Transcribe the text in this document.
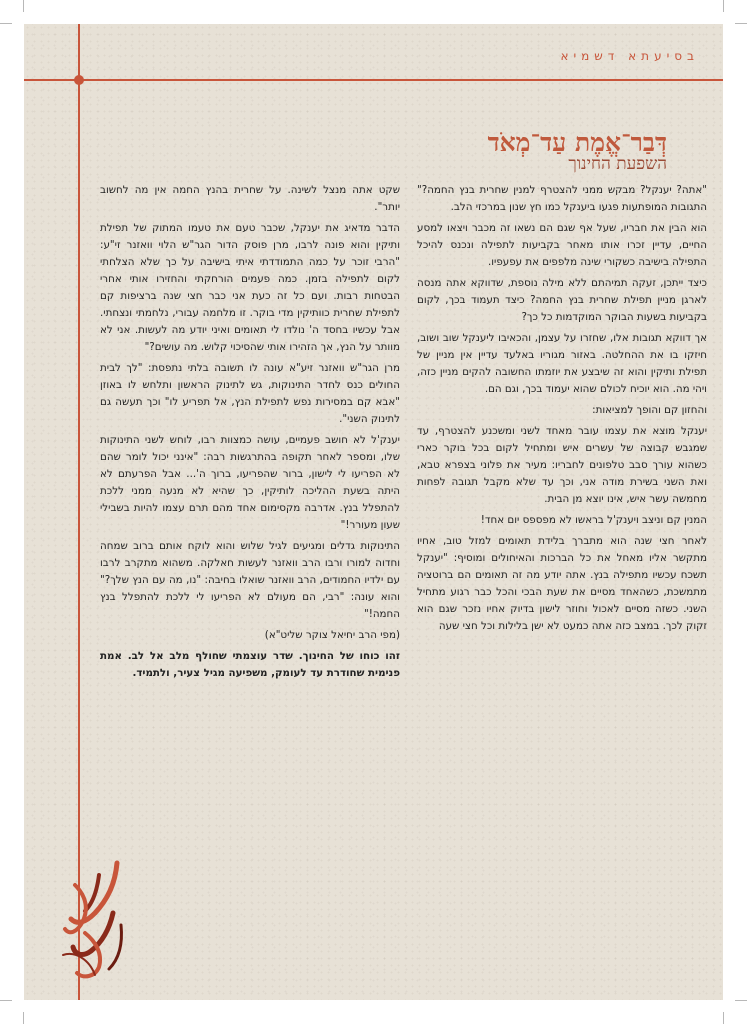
בסיעתא דשמיא
דְּבַר־אֱמֶת עַד־מְאֹד
השפעת החינוך

"אתה? יענקל? מבקש ממני להצטרף למנין שחרית בנץ החמה?" התגובות המופתעות פגעו ביענקל כמו חץ שנון במרכזי הלב.

הוא הבין את חבריו, שעל אף שגם הם נשאו זה מכבר ויצאו למסע החיים, עדיין זכרו אותו מאחר בקביעות לתפילה ונכנס להיכל התפילה בישיבה כשקורי שינה מלפפים את עפעפיו.

כיצד ייתכן, זעקה תמיהתם ללא מילה נוספת, שדווקא אתה מנסה לארגן מניין תפילת שחרית בנץ החמה? כיצד תעמוד בכך, לקום בקביעות בשעות הבוקר המוקדמות כל כך?

אך דווקא תגובות אלו, שחזרו על עצמן, והכאיבו ליענקל שוב ושוב, חיזקו בו את ההחלטה. באזור מגוריו באלעד עדיין אין מניין של תפילת ותיקין והוא זה שיבצע את יוזמתו החשובה להקים מניין כזה, ויהי מה. הוא יוכיח לכולם שהוא יעמוד בכך, וגם הם.

והחזון קם והופך למציאות:

יענקל מוצא את עצמו עובר מאחד לשני ומשכנע להצטרף, עד שמגבש קבוצה של עשרים איש ומתחיל לקום בכל בוקר כארי כשהוא עורך סבב טלפונים לחבריו: מעיר את פלוני בצפרא טבא, ואת השני בשירת מודה אני, וכך עד שלא מקבל תגובה לפחות מחמשה עשר איש, אינו יוצא מן הבית.

המנין קם וניצב ויענק'ל בראשו לא מפספס יום אחד!

לאחר חצי שנה הוא מתברך בלידת תאומים למזל טוב, אחיו מתקשר אליו מאחל את כל הברכות והאיחולים ומוסיף: "יענקל תשכח עכשיו מתפילה בנץ. אתה יודע מה זה תאומים הם ברוטציה מתמשכת, כשהאחד מסיים את שעת הבכי והכל כבר רגוע מתחיל השני. כשזה מסיים לאכול וחוזר לישון בדיוק אחיו נזכר שגם הוא זקוק לכך. במצב כזה אתה כמעט לא ישן בלילות וכל חצי שעה

שקט אתה מנצל לשינה. על שחרית בהנץ החמה אין מה לחשוב יותר".

הדבר מדאיג את יענקל, שכבר טעם את טעמו המתוק של תפילת ותיקין והוא פונה לרבו, מרן פוסק הדור הגר"ש הלוי וואזנר זי"ע: "הרבי זוכר על כמה התמודדתי איתי בישיבה על כך שלא הצלחתי לקום לתפילה בזמן. כמה פעמים הורחקתי והחזירו אותי אחרי הבטחות רבות. ועם כל זה כעת אני כבר חצי שנה ברציפות קם לתפילת שחרית כוותיקין מדי בוקר. זו מלחמה עבורי, נלחמתי ונצחתי. אבל עכשיו בחסד ה' נולדו לי תאומים ואיני יודע מה לעשות. אני לא מוותר על הנץ, אך הזהירו אותי שהסיכוי קלוש. מה עושים?"

מרן הגר"ש וואזנר זיע"א עונה לו תשובה בלתי נתפסת: "לך לבית החולים כנס לחדר התינוקות, גש לתינוק הראשון ותלחש לו באוזן "אבא קם במסירות נפש לתפילת הנץ, אל תפריע לו" וכך תעשה גם לתינוק השני".

יענק'ל לא חושב פעמיים, עושה כמצוות רבו, לוחש לשני התינוקות שלו, ומספר לאחר תקופה בהתרגשות רבה: "אינני יכול לומר שהם לא הפריעו לי לישון, ברור שהפריעו, ברוך ה'... אבל הפרעתם לא היתה בשעת ההליכה לותיקין, כך שהיא לא מנעה ממני ללכת להתפלל בנץ. אדרבה מקסימום אחד מהם תרם עצמו להיות בשבילי שעון מעורר!"

התינוקות גדלים ומגיעים לגיל שלוש והוא לוקח אותם ברוב שמחה וחדוה למורו ורבו הרב וואזנר לעשות חאלקה. משהוא מתקרב לרבו עם ילדיו החמודים, הרב וואזנר שואלו בחיבה: "נו, מה עם הנץ שלך?" והוא עונה: "רבי, הם מעולם לא הפריעו לי ללכת להתפלל בנץ החמה!"

(מפי הרב יחיאל צוקר שליט"א)

זהו כוחו של החינוך. שדר עוצמתי שחולף מלב אל לב. אמת פנימית שחודרת עד לעומק, משפיעה מגיל צעיר, ולתמיד.
